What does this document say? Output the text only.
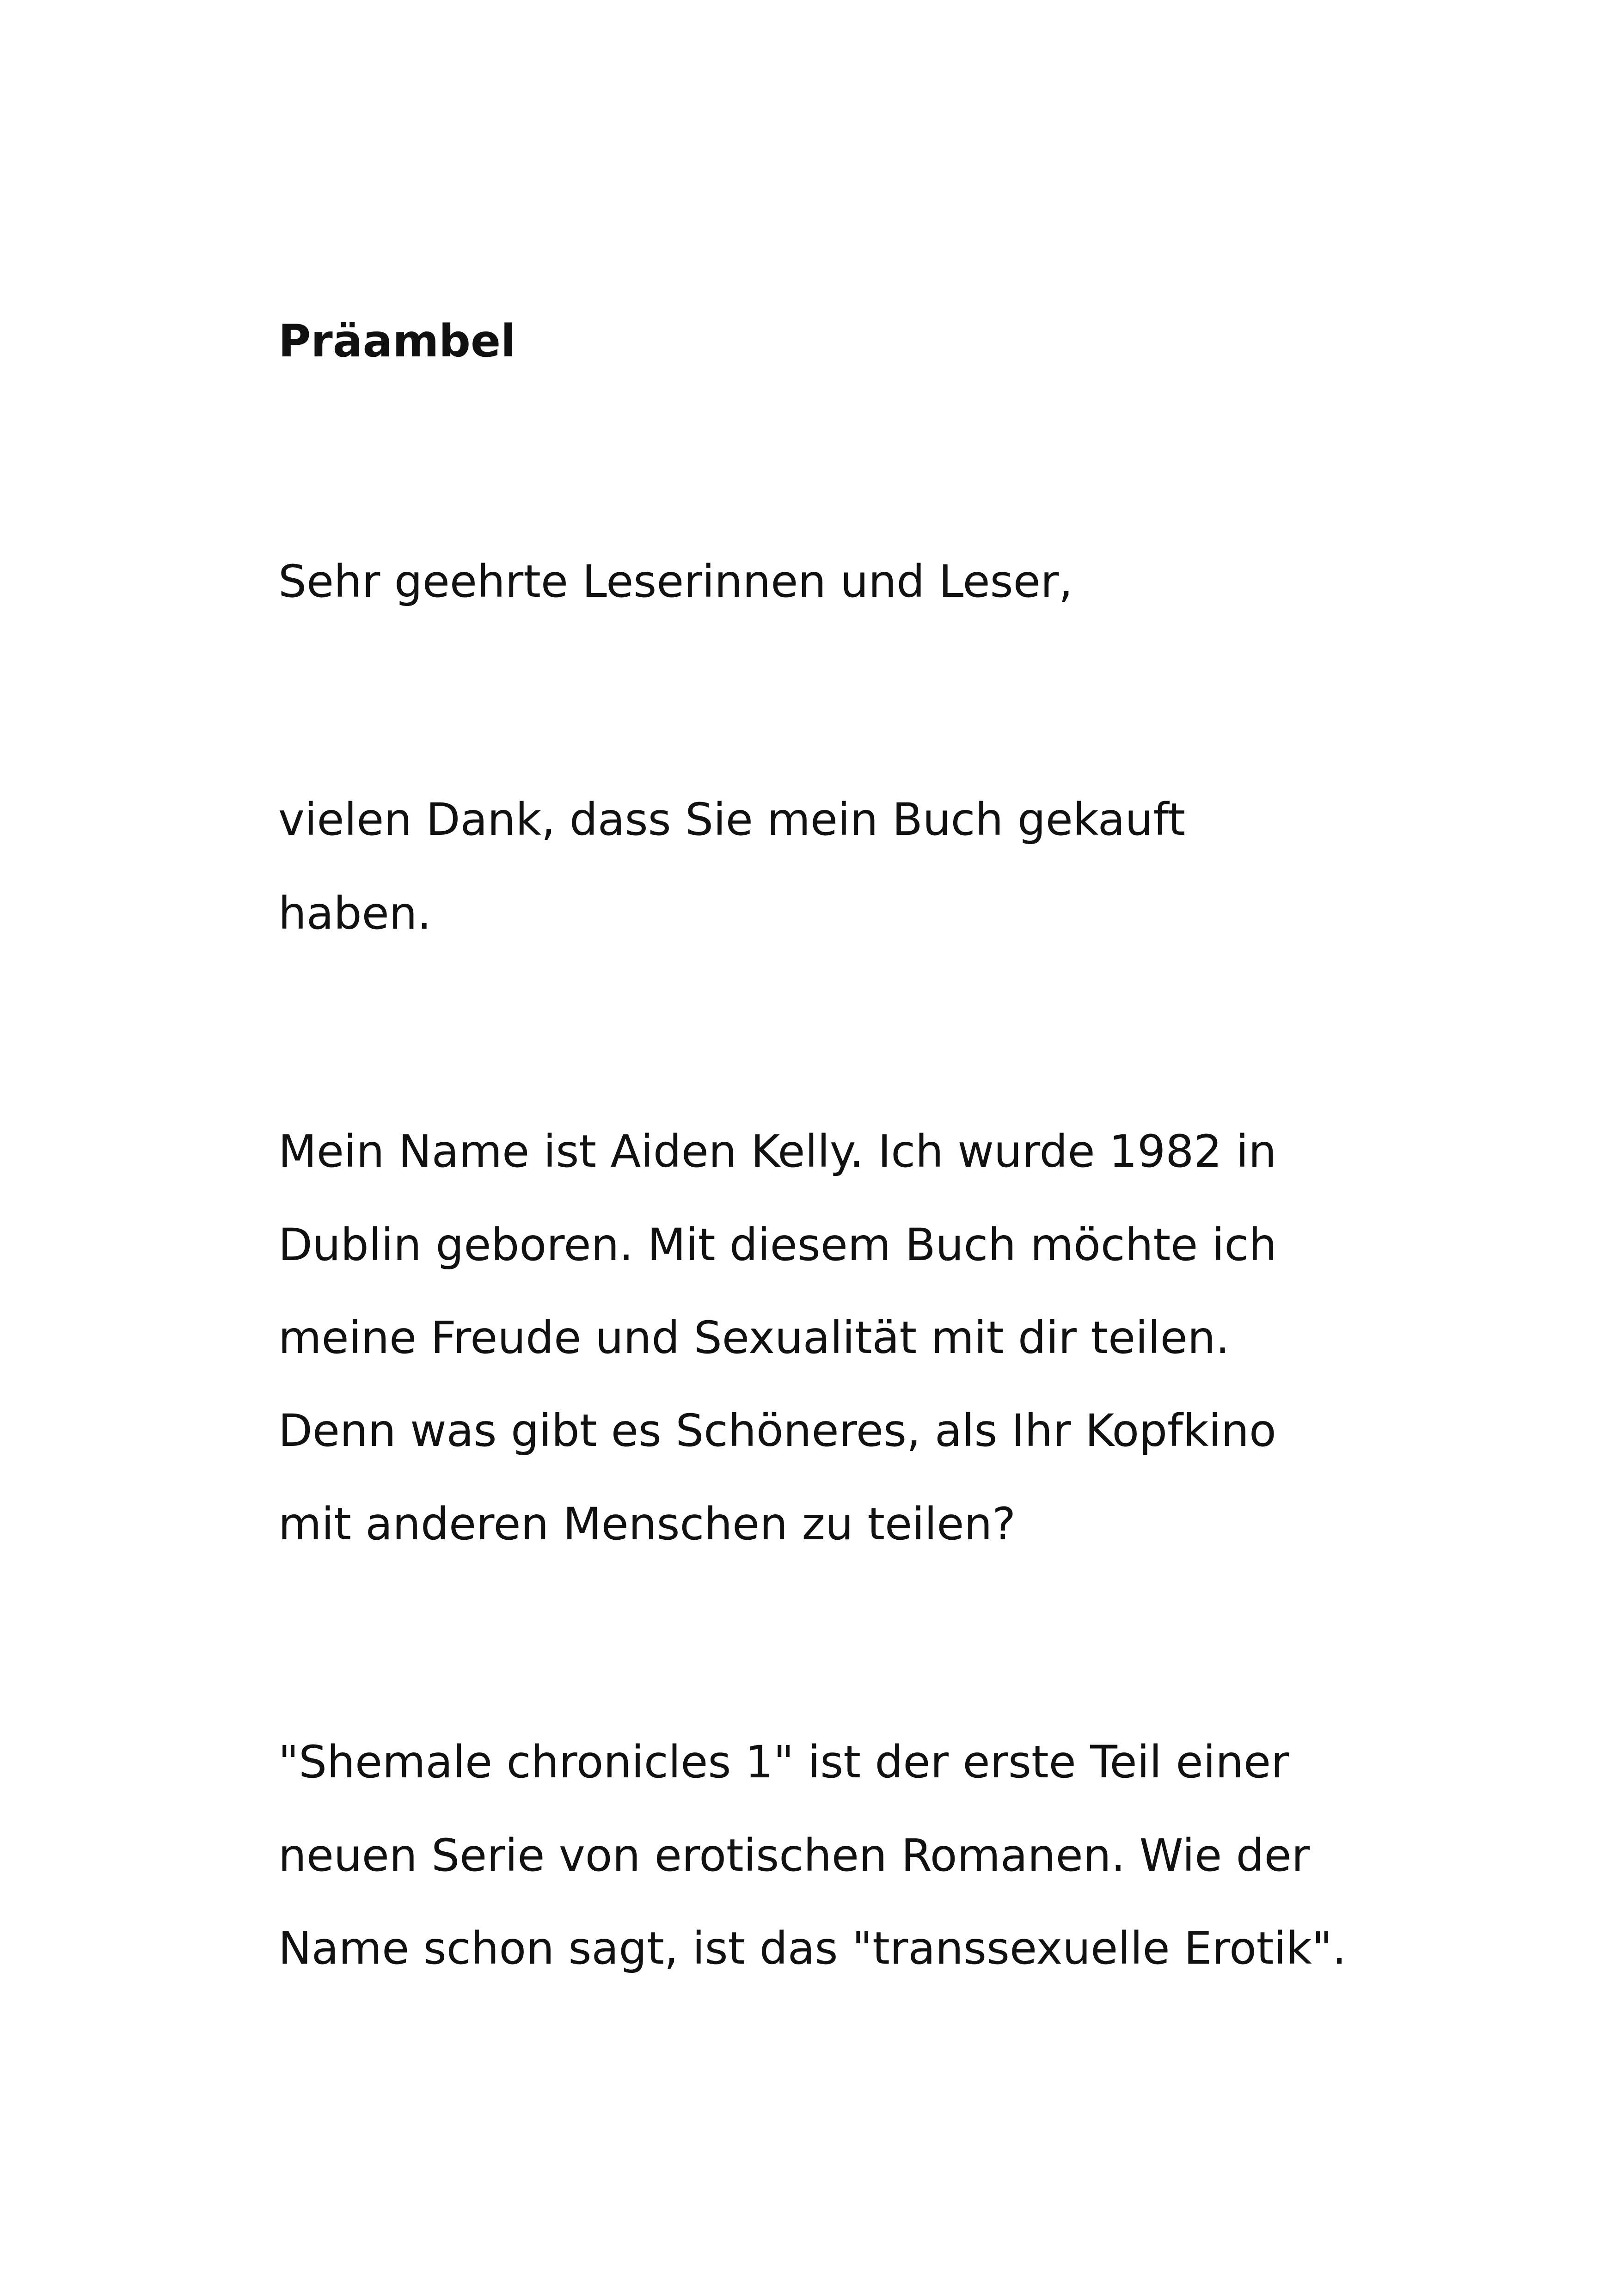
Präambel

Sehr geehrte Leserinnen und Leser,

vielen Dank, dass Sie mein Buch gekauft

haben.

Mein Name ist Aiden Kelly. Ich wurde 1982 in

Dublin geboren. Mit diesem Buch möchte ich

meine Freude und Sexualität mit dir teilen.

Denn was gibt es Schöneres, als Ihr Kopfkino

mit anderen Menschen zu teilen?

"Shemale chronicles 1" ist der erste Teil einer

neuen Serie von erotischen Romanen. Wie der

Name schon sagt, ist das "transsexuelle Erotik".
